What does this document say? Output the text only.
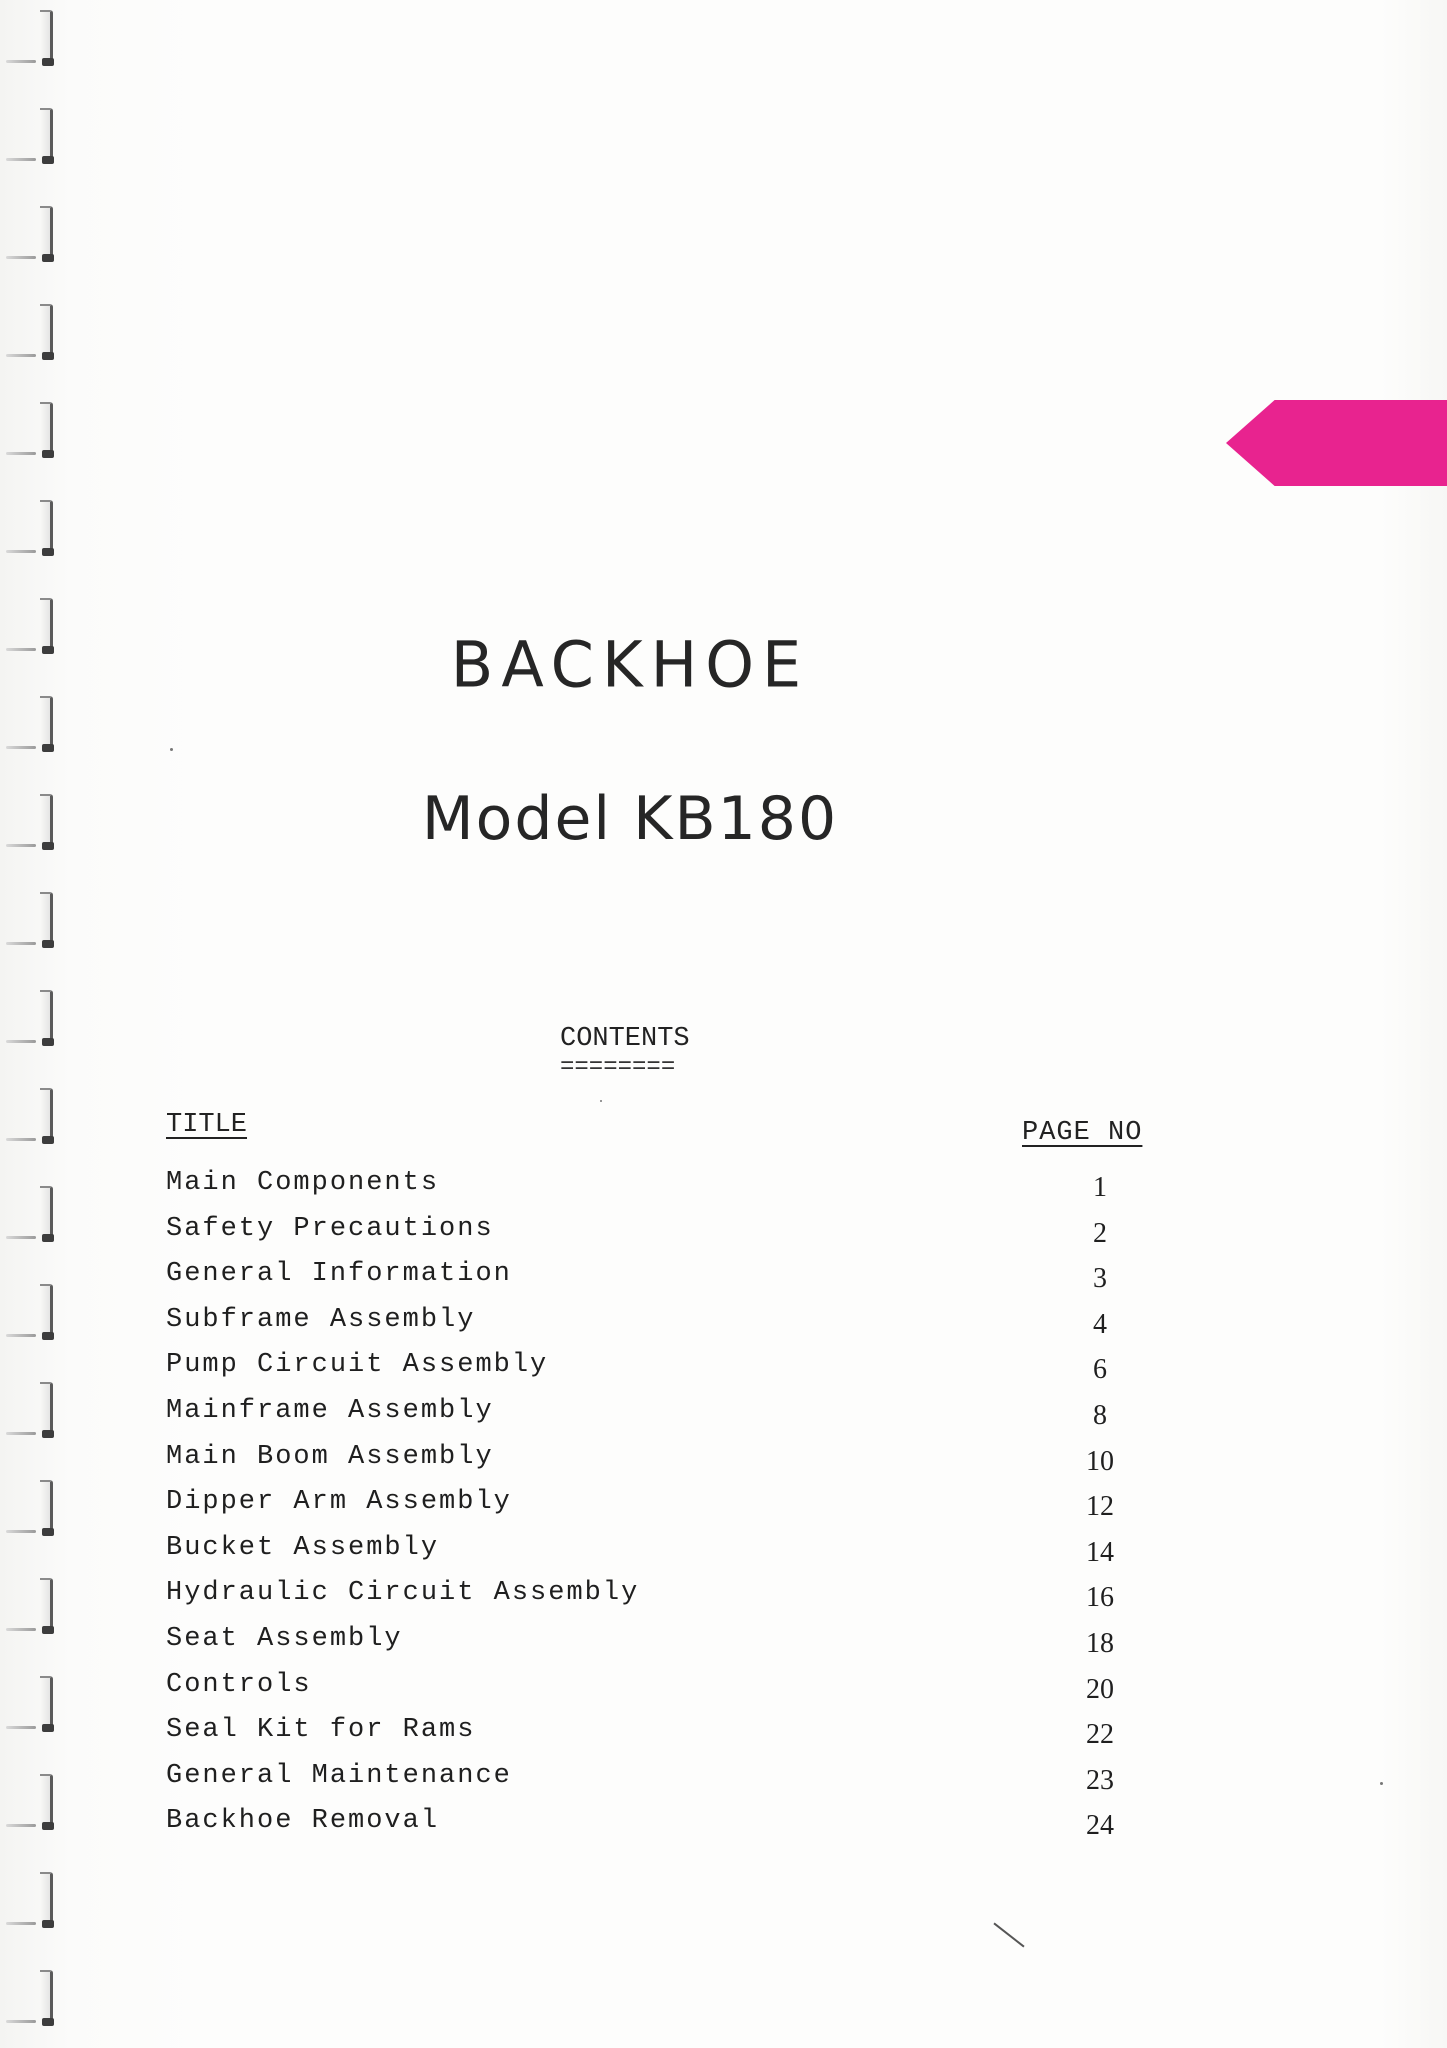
BACKHOE
Model KB180
CONTENTS
========
TITLE	PAGE NO
Main Components	1
Safety Precautions	2
General Information	3
Subframe Assembly	4
Pump Circuit Assembly	6
Mainframe Assembly	8
Main Boom Assembly	10
Dipper Arm Assembly	12
Bucket Assembly	14
Hydraulic Circuit Assembly	16
Seat Assembly	18
Controls	20
Seal Kit for Rams	22
General Maintenance	23
Backhoe Removal	24
